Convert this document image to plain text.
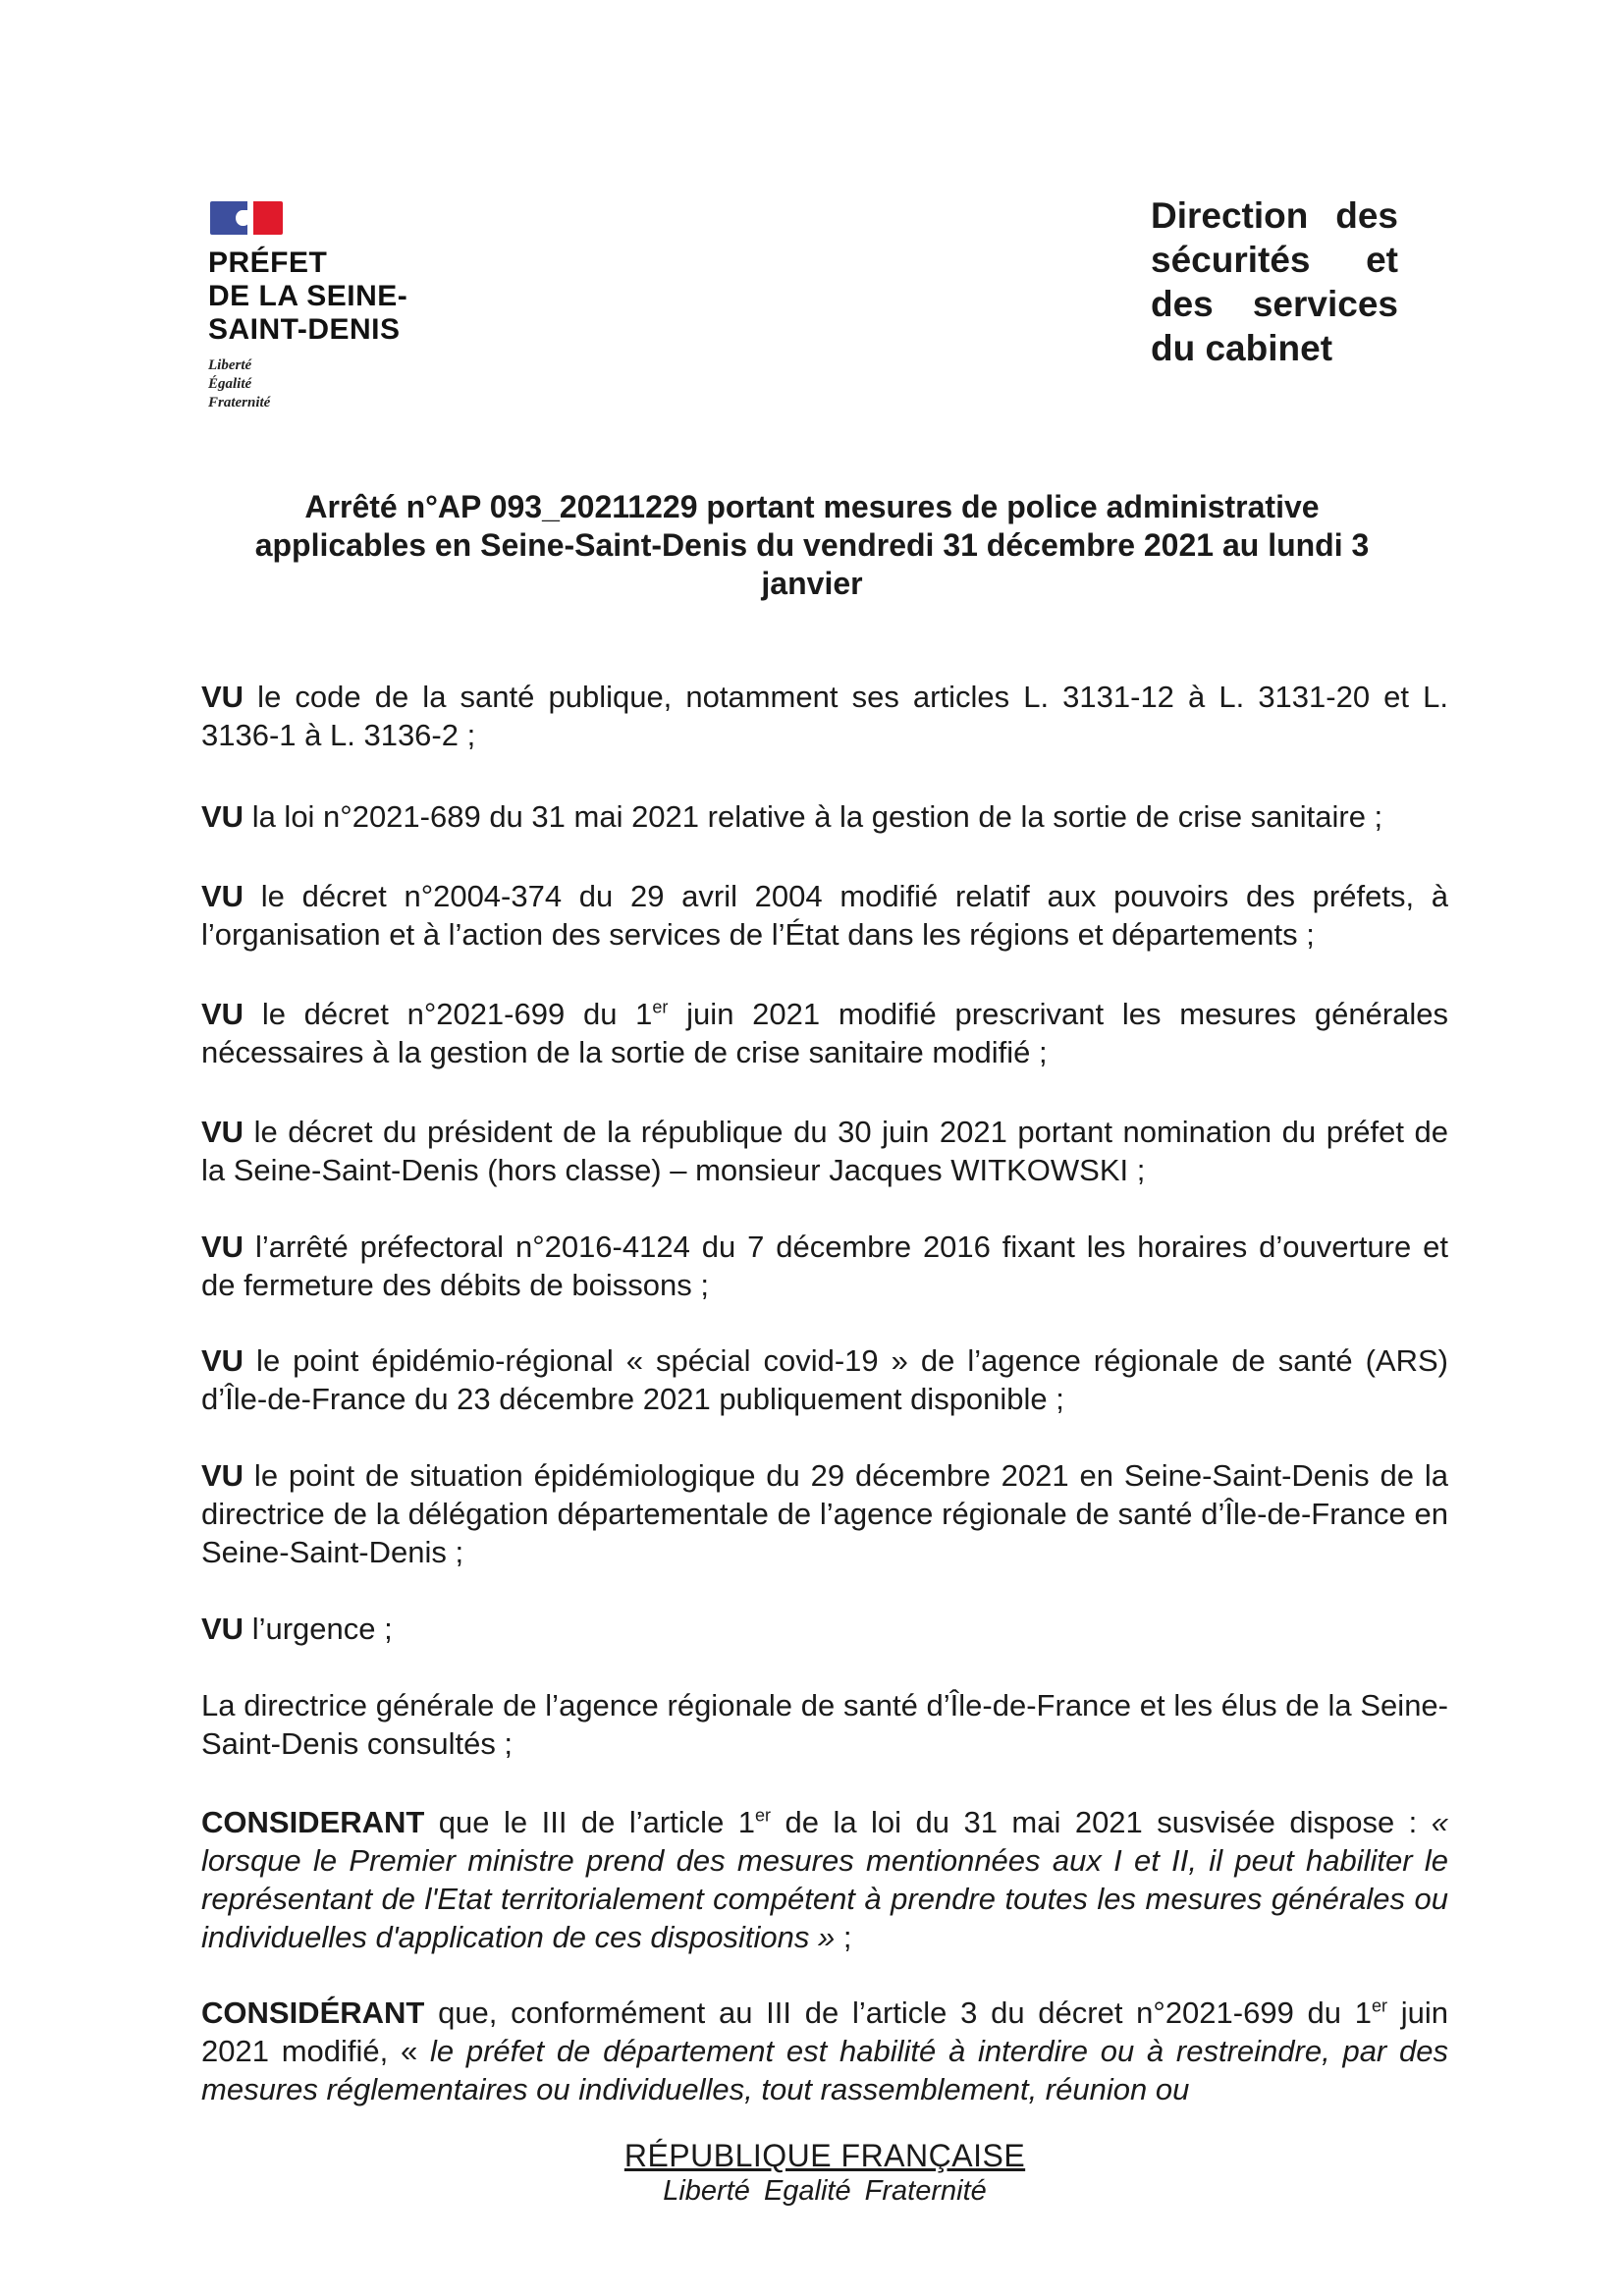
PRÉFET
DE LA SEINE-
SAINT-DENIS
Liberté
Égalité
Fraternité
Direction des
sécurités et
des services
du cabinet
Arrêté n°AP 093_20211229 portant mesures de police administrative
applicables en Seine-Saint-Denis du vendredi 31 décembre 2021 au lundi 3
janvier
VU le code de la santé publique, notamment ses articles L. 3131-12 à L. 3131-20 et L. 3136-1 à L. 3136-2 ;
VU la loi n°2021-689 du 31 mai 2021 relative à la gestion de la sortie de crise sanitaire ;
VU le décret n°2004-374 du 29 avril 2004 modifié relatif aux pouvoirs des préfets, à l’organisation et à l’action des services de l’État dans les régions et départements ;
VU le décret n°2021-699 du 1er juin 2021 modifié prescrivant les mesures générales nécessaires à la gestion de la sortie de crise sanitaire modifié ;
VU le décret du président de la république du 30 juin 2021 portant nomination du préfet de la Seine-Saint-Denis (hors classe) – monsieur Jacques WITKOWSKI ;
VU l’arrêté préfectoral n°2016-4124 du 7 décembre 2016 fixant les horaires d’ouverture et de fermeture des débits de boissons ;
VU le point épidémio-régional « spécial covid-19 » de l’agence régionale de santé (ARS) d’Île-de-France du 23 décembre 2021 publiquement disponible ;
VU le point de situation épidémiologique du 29 décembre 2021 en Seine-Saint-Denis de la directrice de la délégation départementale de l’agence régionale de santé d’Île-de-France en Seine-Saint-Denis ;
VU l’urgence ;
La directrice générale de l’agence régionale de santé d’Île-de-France et les élus de la Seine-Saint-Denis consultés ;
CONSIDERANT que le III de l’article 1er de la loi du 31 mai 2021 susvisée dispose : « lorsque le Premier ministre prend des mesures mentionnées aux I et II, il peut habiliter le représentant de l'Etat territorialement compétent à prendre toutes les mesures générales ou individuelles d'application de ces dispositions » ;
CONSIDÉRANT que, conformément au III de l’article 3 du décret n°2021-699 du 1er juin 2021 modifié, « le préfet de département est habilité à interdire ou à restreindre, par des mesures réglementaires ou individuelles, tout rassemblement, réunion ou
RÉPUBLIQUE FRANÇAISE
Liberté Egalité Fraternité
